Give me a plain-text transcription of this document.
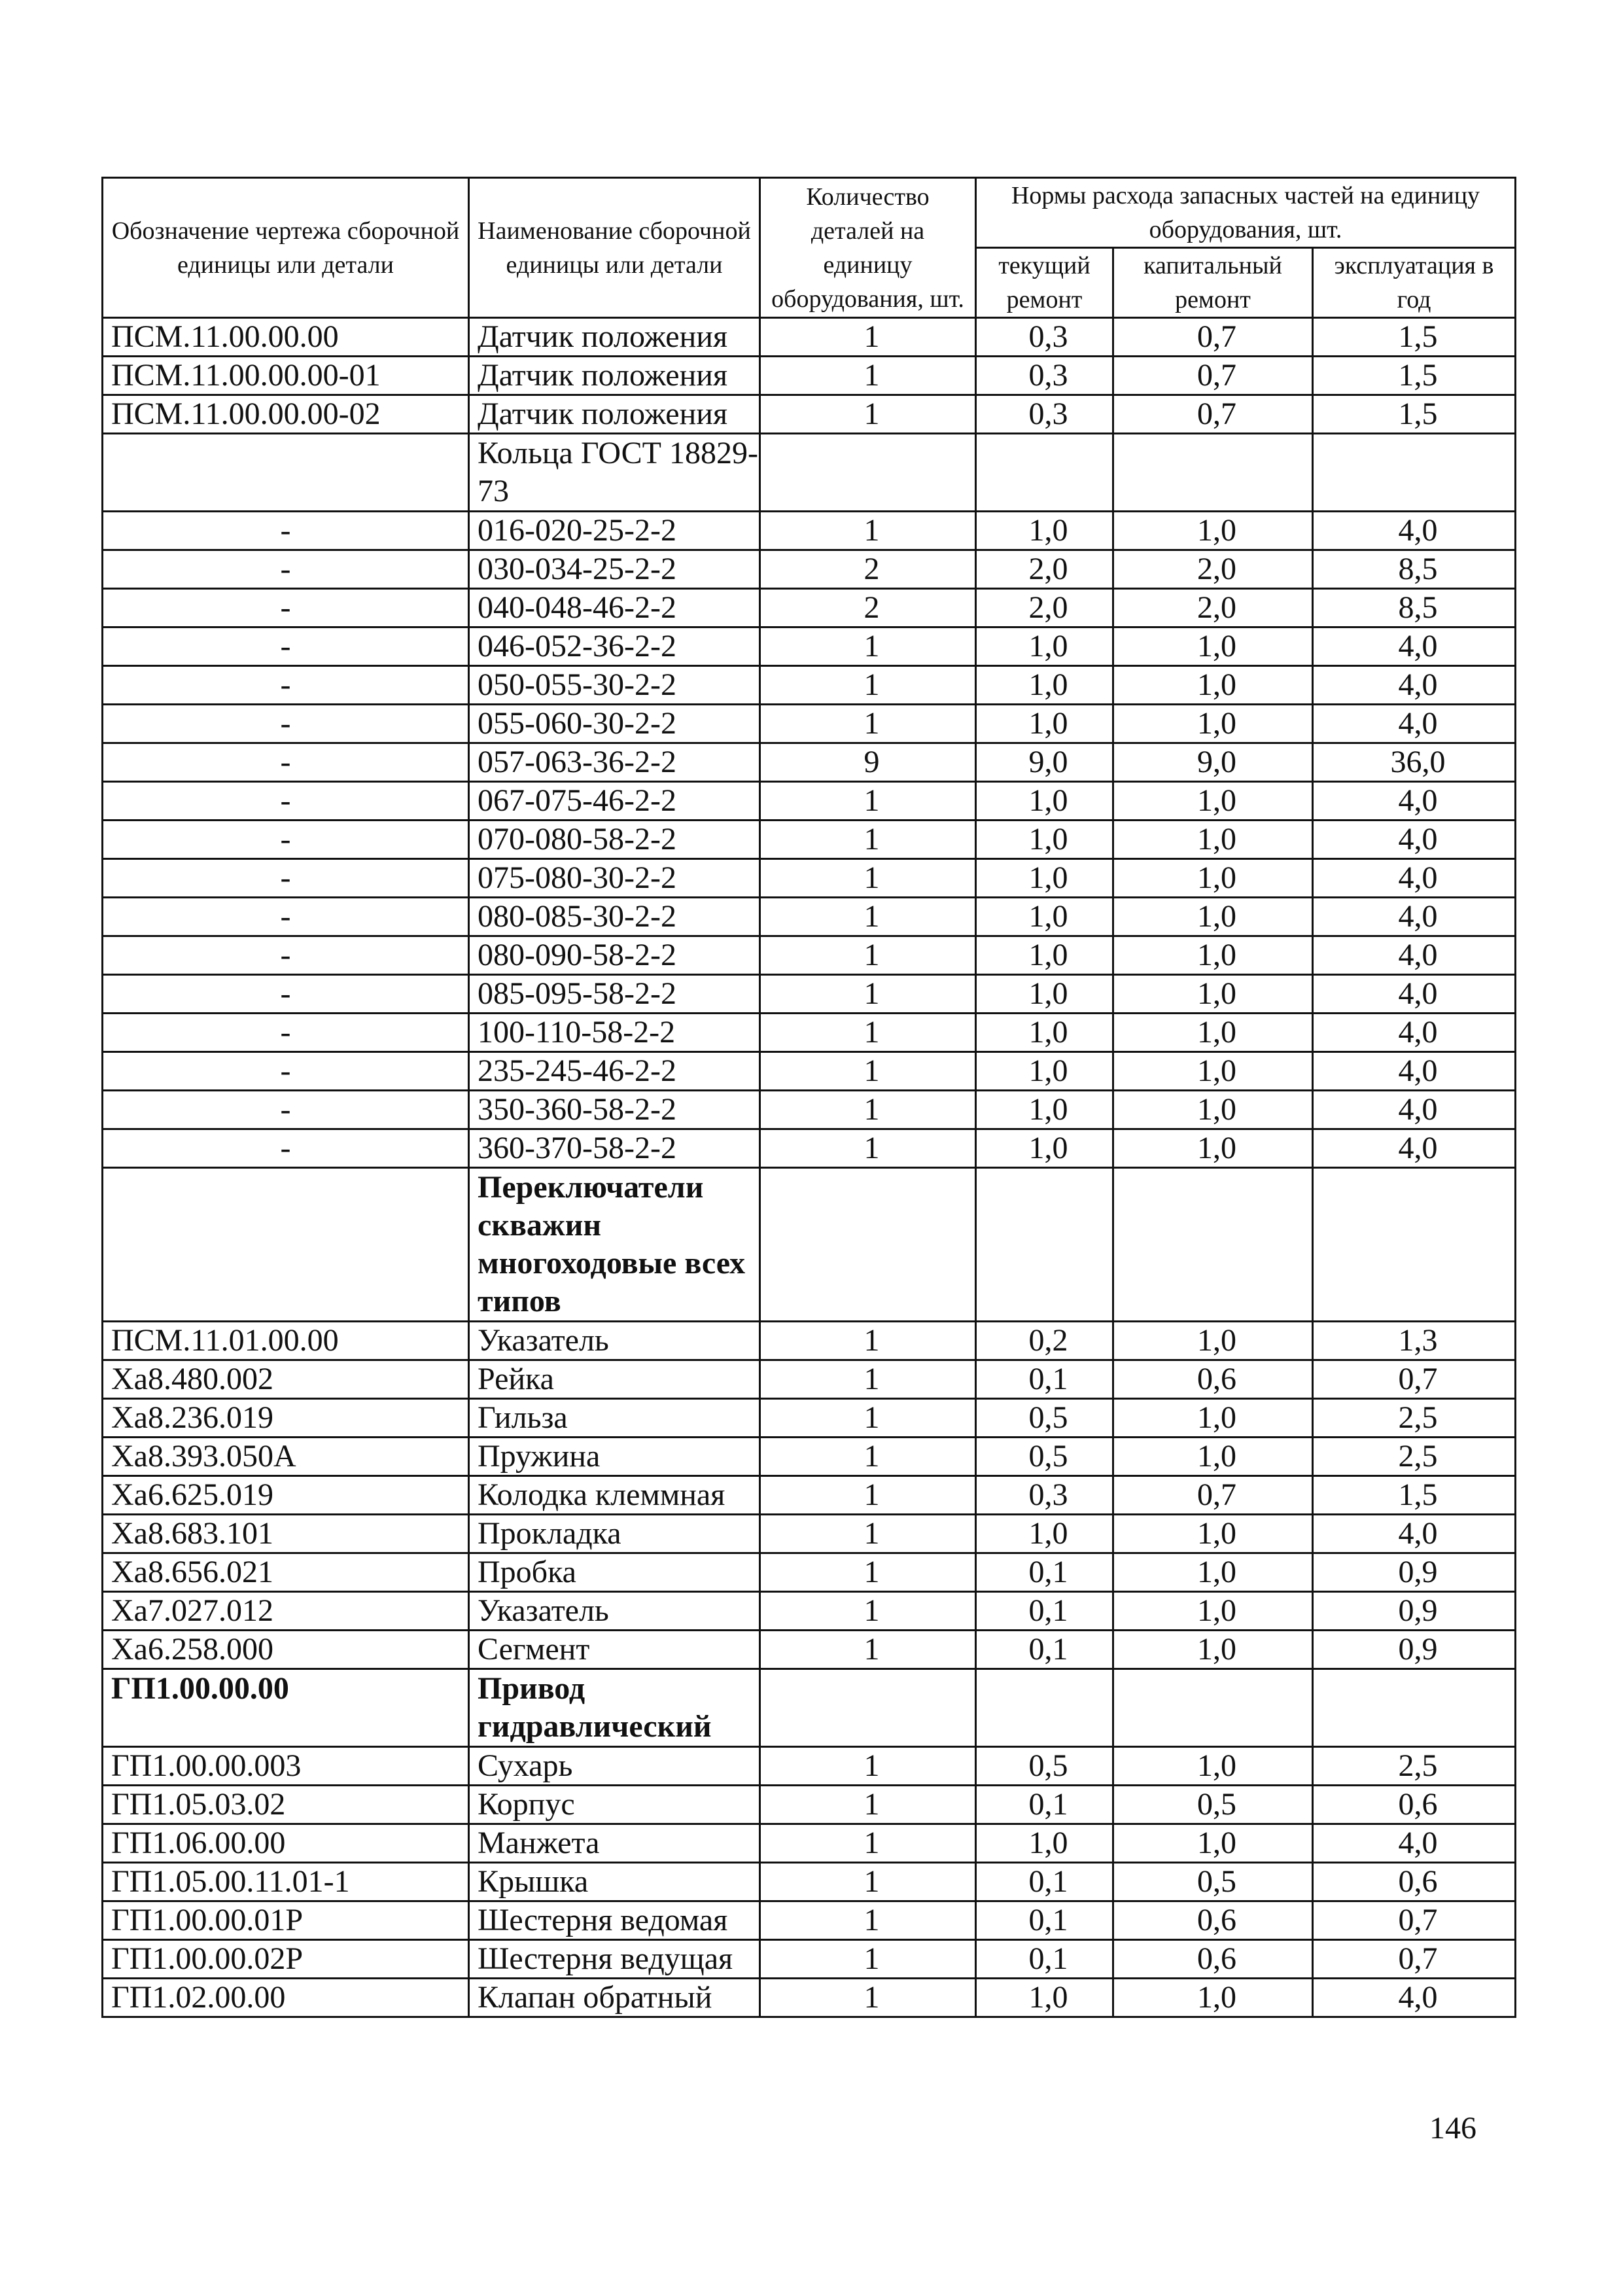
Обозначение чертежа сборочной единицы или детали	Наименование сборочной единицы или детали	Количество деталей на единицу оборудования, шт.	Нормы расхода запасных частей на единицу оборудования, шт.		
			текущий ремонт	капитальный ремонт	эксплуатация в год
ПСМ.11.00.00.00	Датчик положения	1	0,3	0,7	1,5
ПСМ.11.00.00.00-01	Датчик положения	1	0,3	0,7	1,5
ПСМ.11.00.00.00-02	Датчик положения	1	0,3	0,7	1,5
	Кольца ГОСТ 18829-73				
-	016-020-25-2-2	1	1,0	1,0	4,0
-	030-034-25-2-2	2	2,0	2,0	8,5
-	040-048-46-2-2	2	2,0	2,0	8,5
-	046-052-36-2-2	1	1,0	1,0	4,0
-	050-055-30-2-2	1	1,0	1,0	4,0
-	055-060-30-2-2	1	1,0	1,0	4,0
-	057-063-36-2-2	9	9,0	9,0	36,0
-	067-075-46-2-2	1	1,0	1,0	4,0
-	070-080-58-2-2	1	1,0	1,0	4,0
-	075-080-30-2-2	1	1,0	1,0	4,0
-	080-085-30-2-2	1	1,0	1,0	4,0
-	080-090-58-2-2	1	1,0	1,0	4,0
-	085-095-58-2-2	1	1,0	1,0	4,0
-	100-110-58-2-2	1	1,0	1,0	4,0
-	235-245-46-2-2	1	1,0	1,0	4,0
-	350-360-58-2-2	1	1,0	1,0	4,0
-	360-370-58-2-2	1	1,0	1,0	4,0
	Переключатели скважин многоходовые всех типов				
ПСМ.11.01.00.00	Указатель	1	0,2	1,0	1,3
Ха8.480.002	Рейка	1	0,1	0,6	0,7
Ха8.236.019	Гильза	1	0,5	1,0	2,5
Ха8.393.050А	Пружина	1	0,5	1,0	2,5
Ха6.625.019	Колодка клеммная	1	0,3	0,7	1,5
Ха8.683.101	Прокладка	1	1,0	1,0	4,0
Ха8.656.021	Пробка	1	0,1	1,0	0,9
Ха7.027.012	Указатель	1	0,1	1,0	0,9
Ха6.258.000	Сегмент	1	0,1	1,0	0,9
ГП1.00.00.00	Привод гидравлический				
ГП1.00.00.003	Сухарь	1	0,5	1,0	2,5
ГП1.05.03.02	Корпус	1	0,1	0,5	0,6
ГП1.06.00.00	Манжета	1	1,0	1,0	4,0
ГП1.05.00.11.01-1	Крышка	1	0,1	0,5	0,6
ГП1.00.00.01Р	Шестерня ведомая	1	0,1	0,6	0,7
ГП1.00.00.02Р	Шестерня ведущая	1	0,1	0,6	0,7
ГП1.02.00.00	Клапан обратный	1	1,0	1,0	4,0
146
